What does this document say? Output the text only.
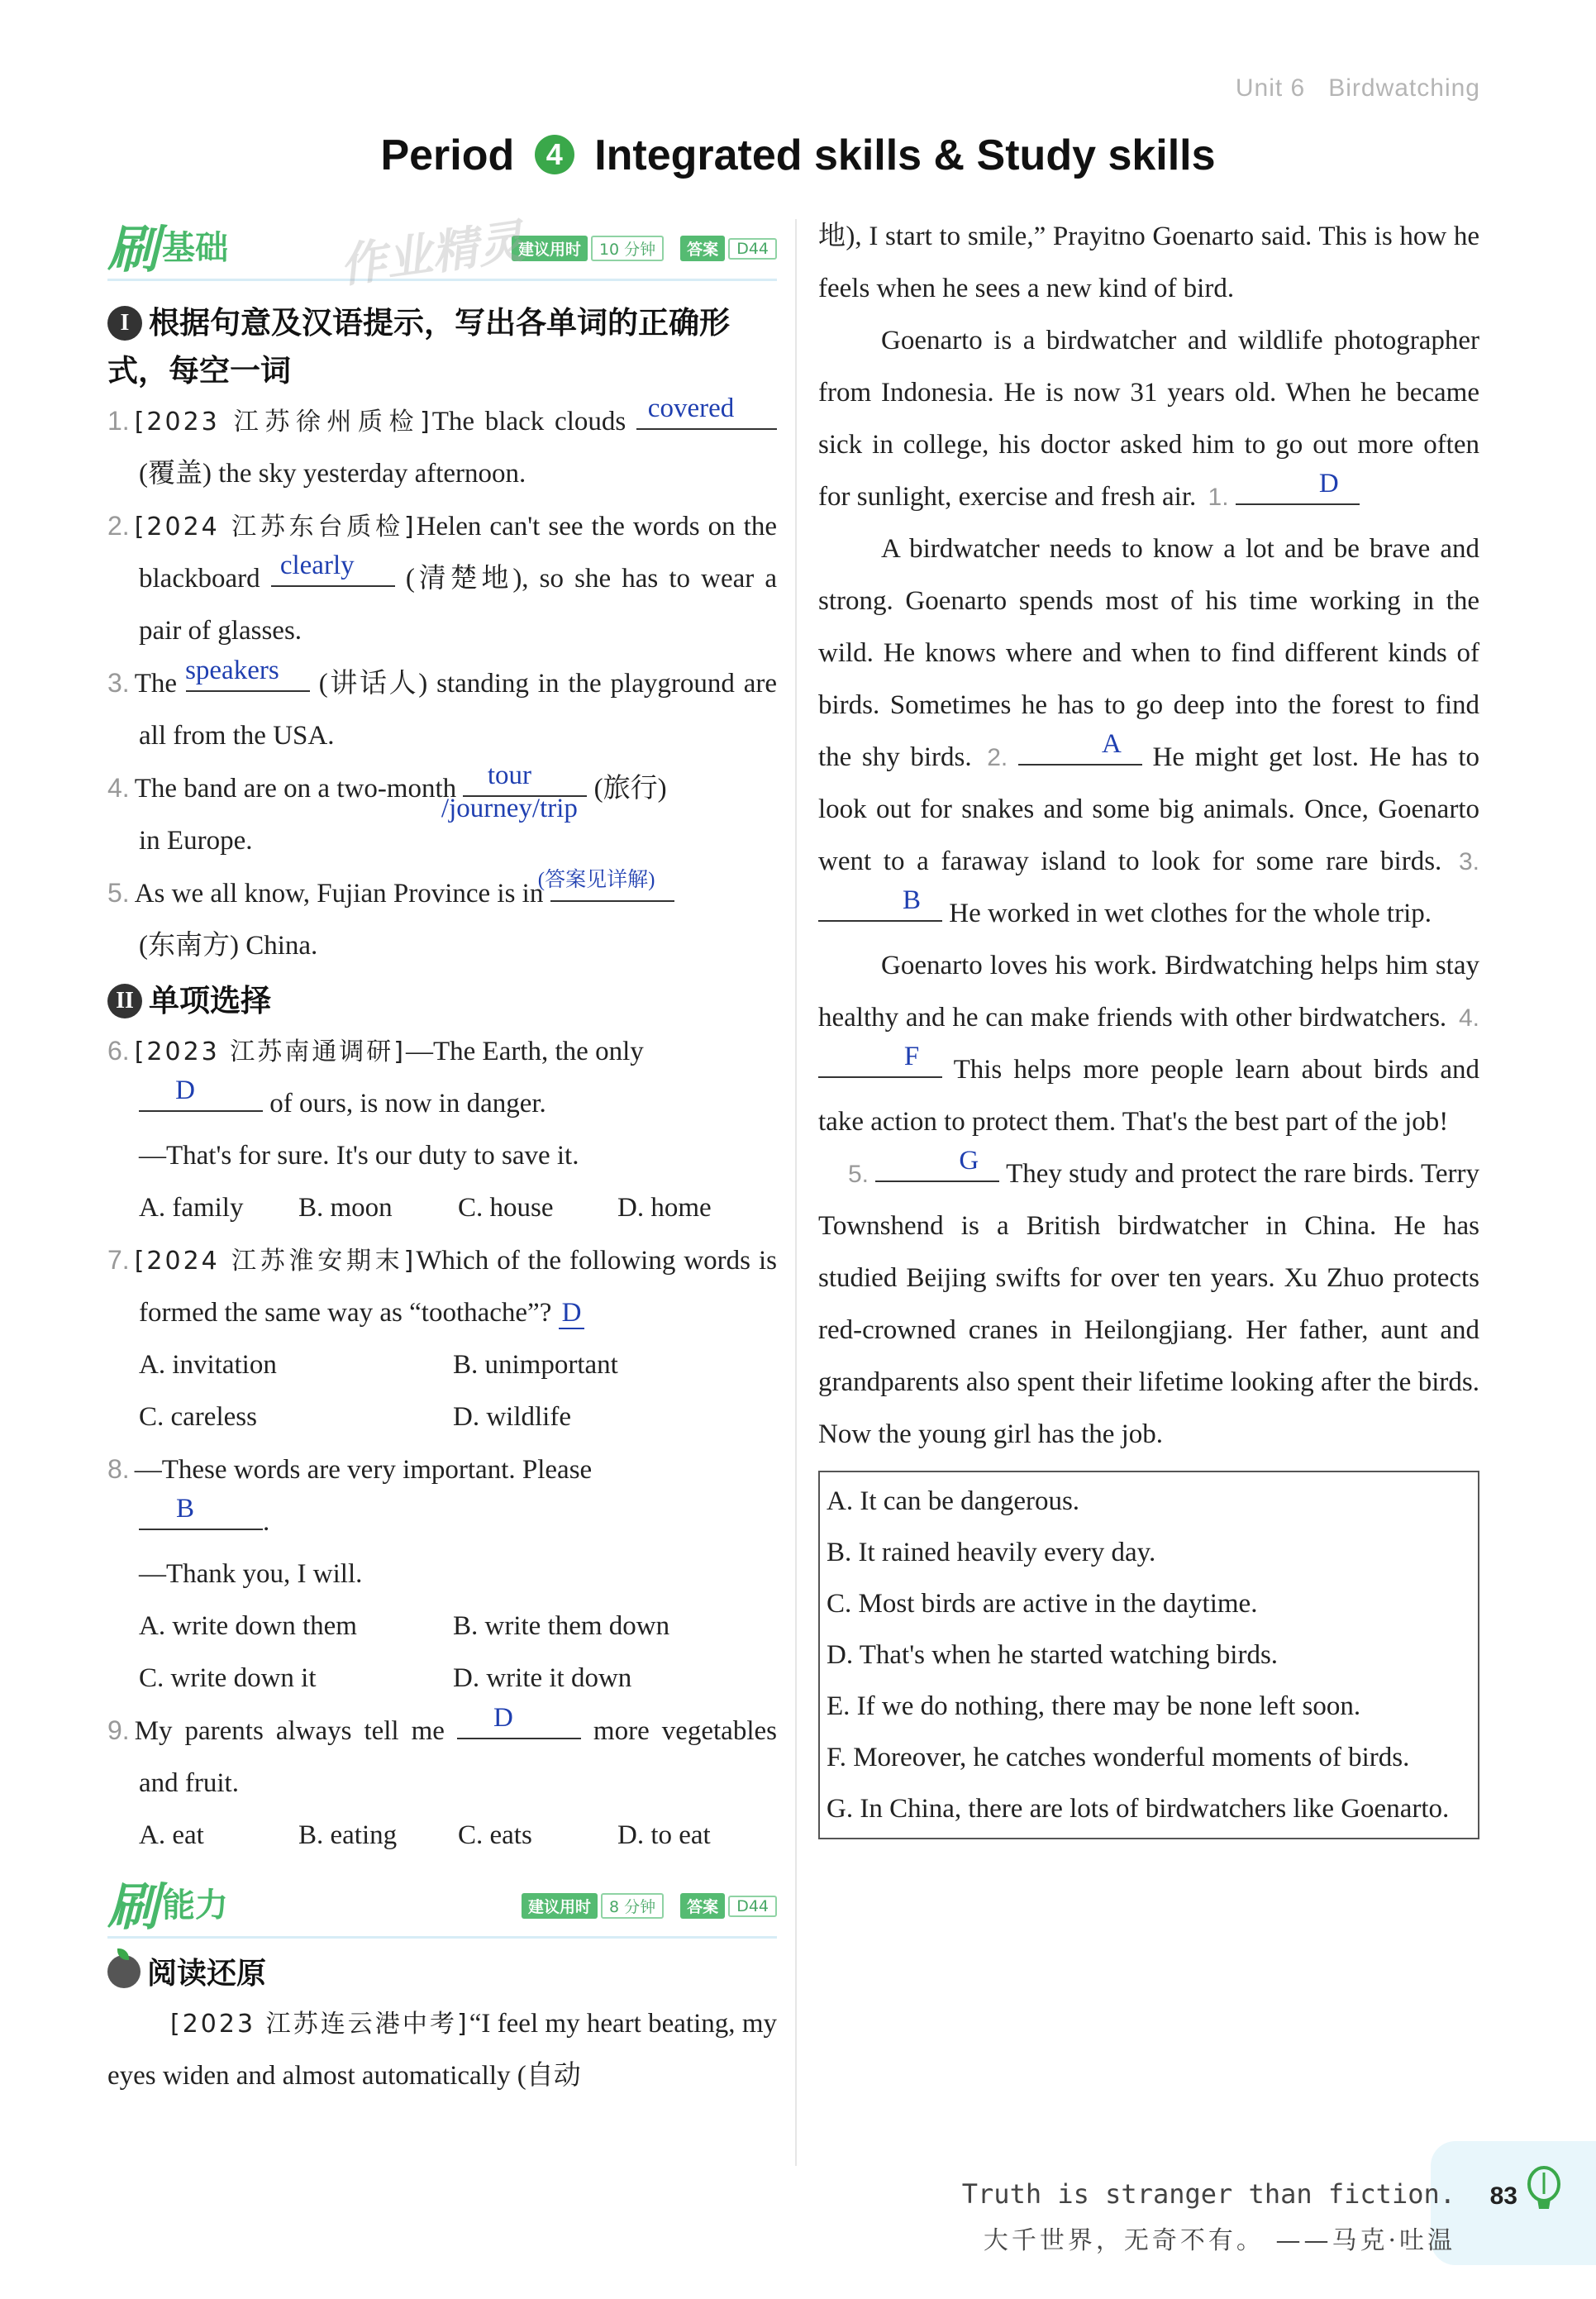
Unit 6 Birdwatching
Period 4 Integrated skills & Study skills
刷 基础	建议用时	10 分钟	答案	D44
作业精灵
I 根据句意及汉语提示，写出各单词的正确形式，每空一词
1. [2023 江苏徐州质检]The black clouds covered
(覆盖) the sky yesterday afternoon.
2. [2024 江苏东台质检]Helen can't see the words on the blackboard clearly	(清楚地), so she has to wear a pair of glasses.
3. The speakers	(讲话人) standing in the playground are all from the USA.
4. The band are on a two-month	tour
/journey/trip
(旅行)
in Europe.
5. As we all know, Fujian Province is in
(答案见详解)

(东南方) China.
II 单项选择
6. [2023 江苏南通调研]—The Earth, the only

D	of ours, is now in danger.
—That's for sure. It's our duty to save it.
A. family	B. moon	C. house	D. home
7. [2024 江苏淮安期末]Which of the following words is formed the same way as “toothache”? D
A. invitation	B. unimportant
C. careless	D. wildlife
8. —These words are very important. Please

B	.
—Thank you, I will.
A. write down them	B. write them down
C. write down it	D. write it down
9. My parents always tell me	D	more vegetables and fruit.
A. eat	B. eating	C. eats	D. to eat
刷 能力	建议用时	8 分钟	答案	D44
阅读还原
[2023 江苏连云港中考]“I feel my heart beating, my eyes widen and almost automatically (自动
地), I start to smile,” Prayitno Goenarto said. This is how he feels when he sees a new kind of bird.
Goenarto is a birdwatcher and wildlife photographer from Indonesia. He is now 31 years old. When he became sick in college, his doctor asked him to go out more often for sunlight, exercise and fresh air. 1.	D
A birdwatcher needs to know a lot and be brave and strong. Goenarto spends most of his time working in the wild. He knows where and when to find different kinds of birds. Sometimes he has to go deep into the forest to find the shy birds. 2.	A	He might get lost. He has to look out for snakes and some big animals. Once, Goenarto went to a faraway island to look for some rare birds. 3.
B	He worked in wet clothes for the whole trip.
Goenarto loves his work. Birdwatching helps him stay healthy and he can make friends with other birdwatchers. 4.
F	This helps more people learn about birds and take action to protect them. That's the best part of the job!
5.	G They study and protect the rare birds. Terry Townshend is a British birdwatcher in China. He has studied Beijing swifts for over ten years. Xu Zhuo protects red-crowned cranes in Heilongjiang. Her father, aunt and grandparents also spent their lifetime looking after the birds. Now the young girl has the job.
A. It can be dangerous.
B. It rained heavily every day.
C. Most birds are active in the daytime.
D. That's when he started watching birds.
E. If we do nothing, there may be none left soon.
F. Moreover, he catches wonderful moments of birds.
G. In China, there are lots of birdwatchers like Goenarto.
Truth is stranger than fiction.
大千世界，无奇不有。 ——马克·吐温
83
